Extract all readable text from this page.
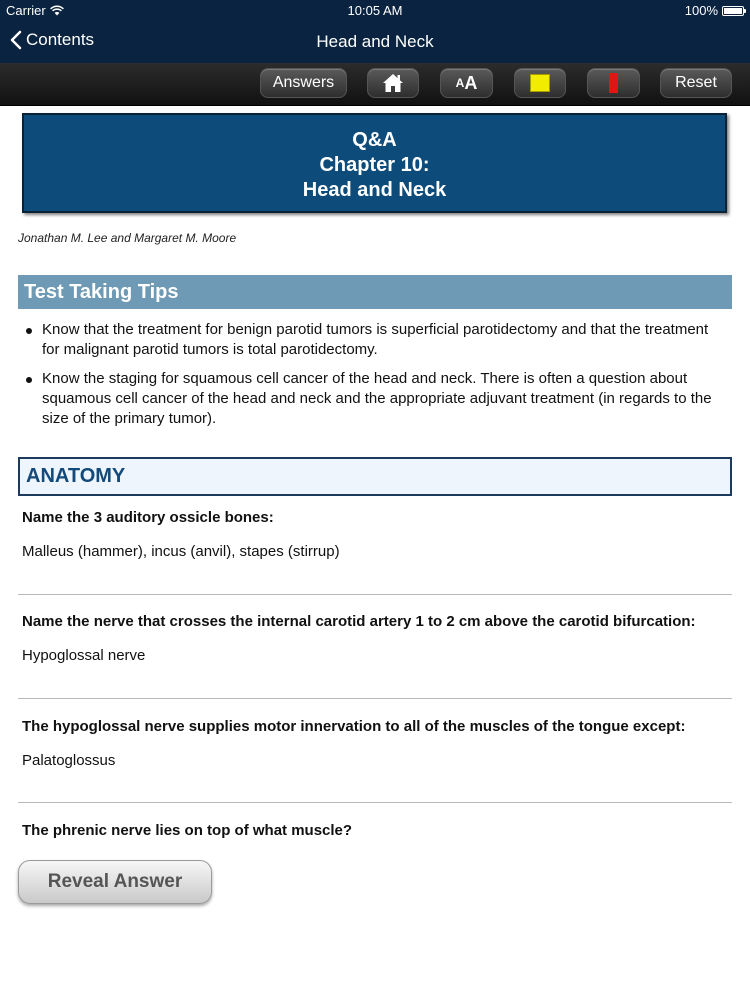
Carrier	10:05 AM	100%
Contents	Head and Neck
Answers	A A	Reset
Q&A
Chapter 10:
Head and Neck
Jonathan M. Lee and Margaret M. Moore
Test Taking Tips
Know that the treatment for benign parotid tumors is superficial parotidectomy and that the treatment for malignant parotid tumors is total parotidectomy.
Know the staging for squamous cell cancer of the head and neck. There is often a question about squamous cell cancer of the head and neck and the appropriate adjuvant treatment (in regards to the size of the primary tumor).
ANATOMY
Name the 3 auditory ossicle bones:
Malleus (hammer), incus (anvil), stapes (stirrup)
Name the nerve that crosses the internal carotid artery 1 to 2 cm above the carotid bifurcation:
Hypoglossal nerve
The hypoglossal nerve supplies motor innervation to all of the muscles of the tongue except:
Palatoglossus
The phrenic nerve lies on top of what muscle?
Reveal Answer
